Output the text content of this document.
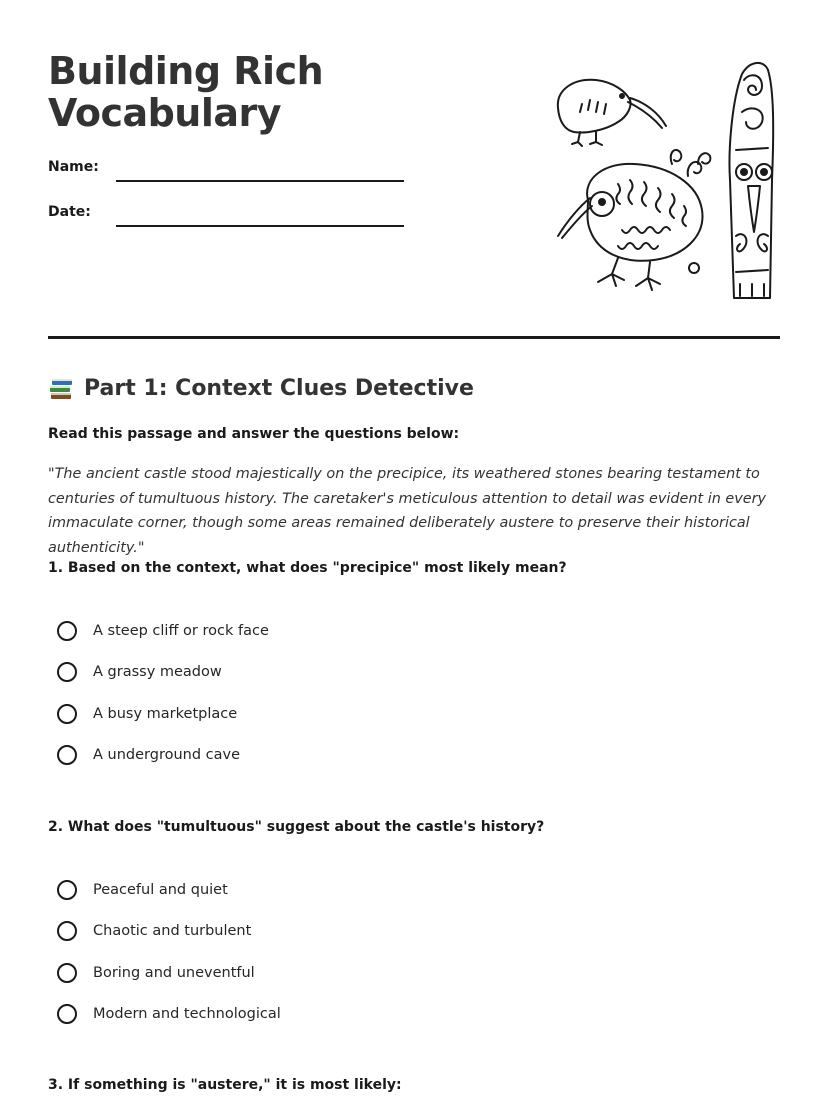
Building Rich Vocabulary
Name:
Date:
Part 1: Context Clues Detective

Read this passage and answer the questions below:

"The ancient castle stood majestically on the precipice, its weathered stones bearing testament to centuries of tumultuous history. The caretaker's meticulous attention to detail was evident in every immaculate corner, though some areas remained deliberately austere to preserve their historical authenticity."

1. Based on the context, what does "precipice" most likely mean?

A steep cliff or rock face
A grassy meadow
A busy marketplace
A underground cave

2. What does "tumultuous" suggest about the castle's history?

Peaceful and quiet
Chaotic and turbulent
Boring and uneventful
Modern and technological

3. If something is "austere," it is most likely:
